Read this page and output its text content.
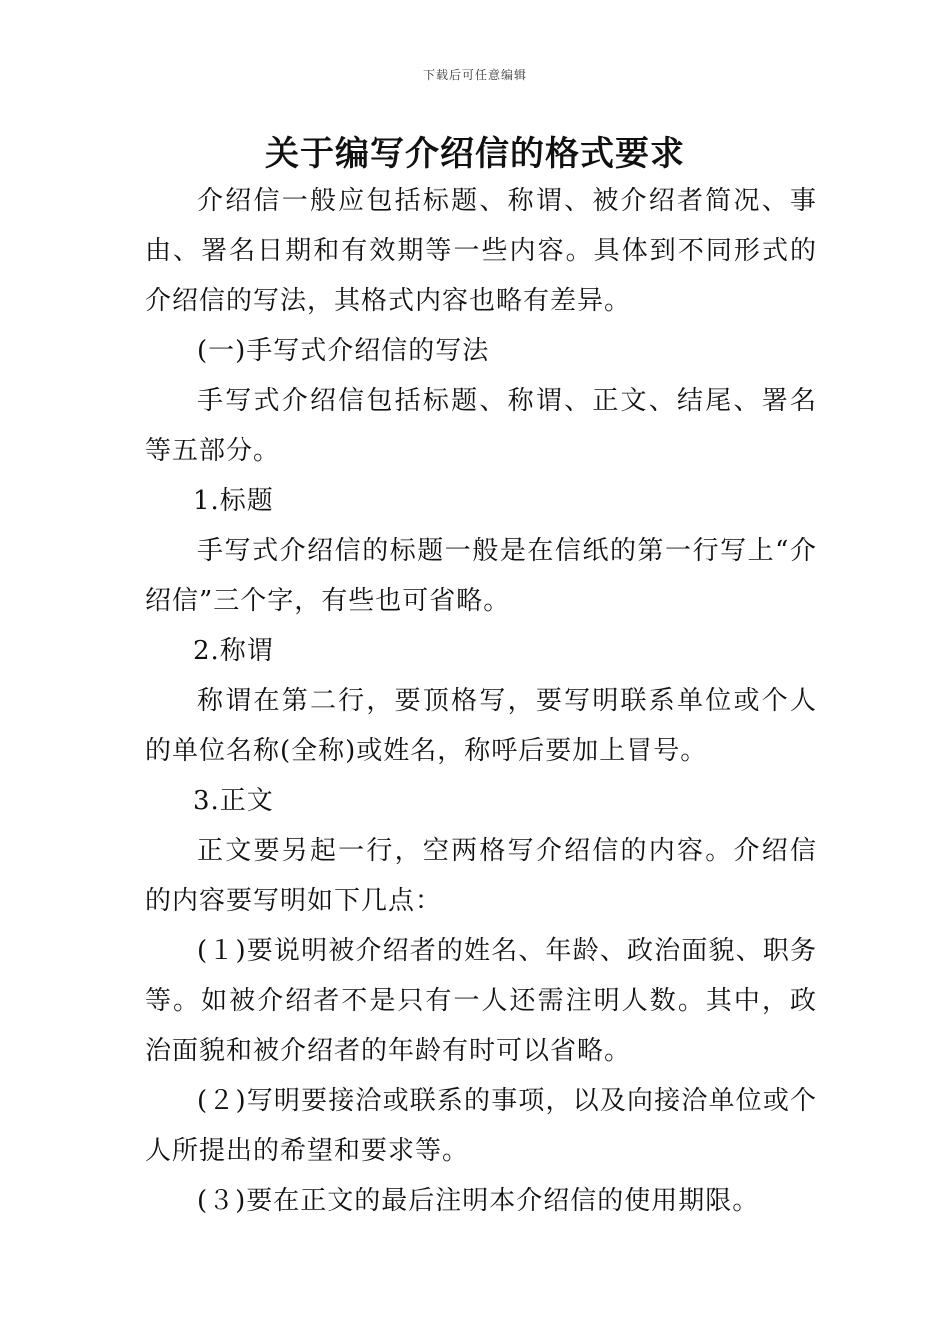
下载后可任意编辑
关于编写介绍信的格式要求

介绍信一般应包括标题、称谓、被介绍者简况、事由、署名日期和有效期等一些内容。具体到不同形式的介绍信的写法，其格式内容也略有差异。

(一)手写式介绍信的写法

手写式介绍信包括标题、称谓、正文、结尾、署名等五部分。

1.标题

手写式介绍信的标题一般是在信纸的第一行写上“介绍信”三个字，有些也可省略。

2.称谓

称谓在第二行，要顶格写，要写明联系单位或个人的单位名称(全称)或姓名，称呼后要加上冒号。

3.正文

正文要另起一行，空两格写介绍信的内容。介绍信的内容要写明如下几点：

(１)要说明被介绍者的姓名、年龄、政治面貌、职务等。如被介绍者不是只有一人还需注明人数。其中，政治面貌和被介绍者的年龄有时可以省略。

(２)写明要接洽或联系的事项，以及向接洽单位或个人所提出的希望和要求等。

(３)要在正文的最后注明本介绍信的使用期限。
